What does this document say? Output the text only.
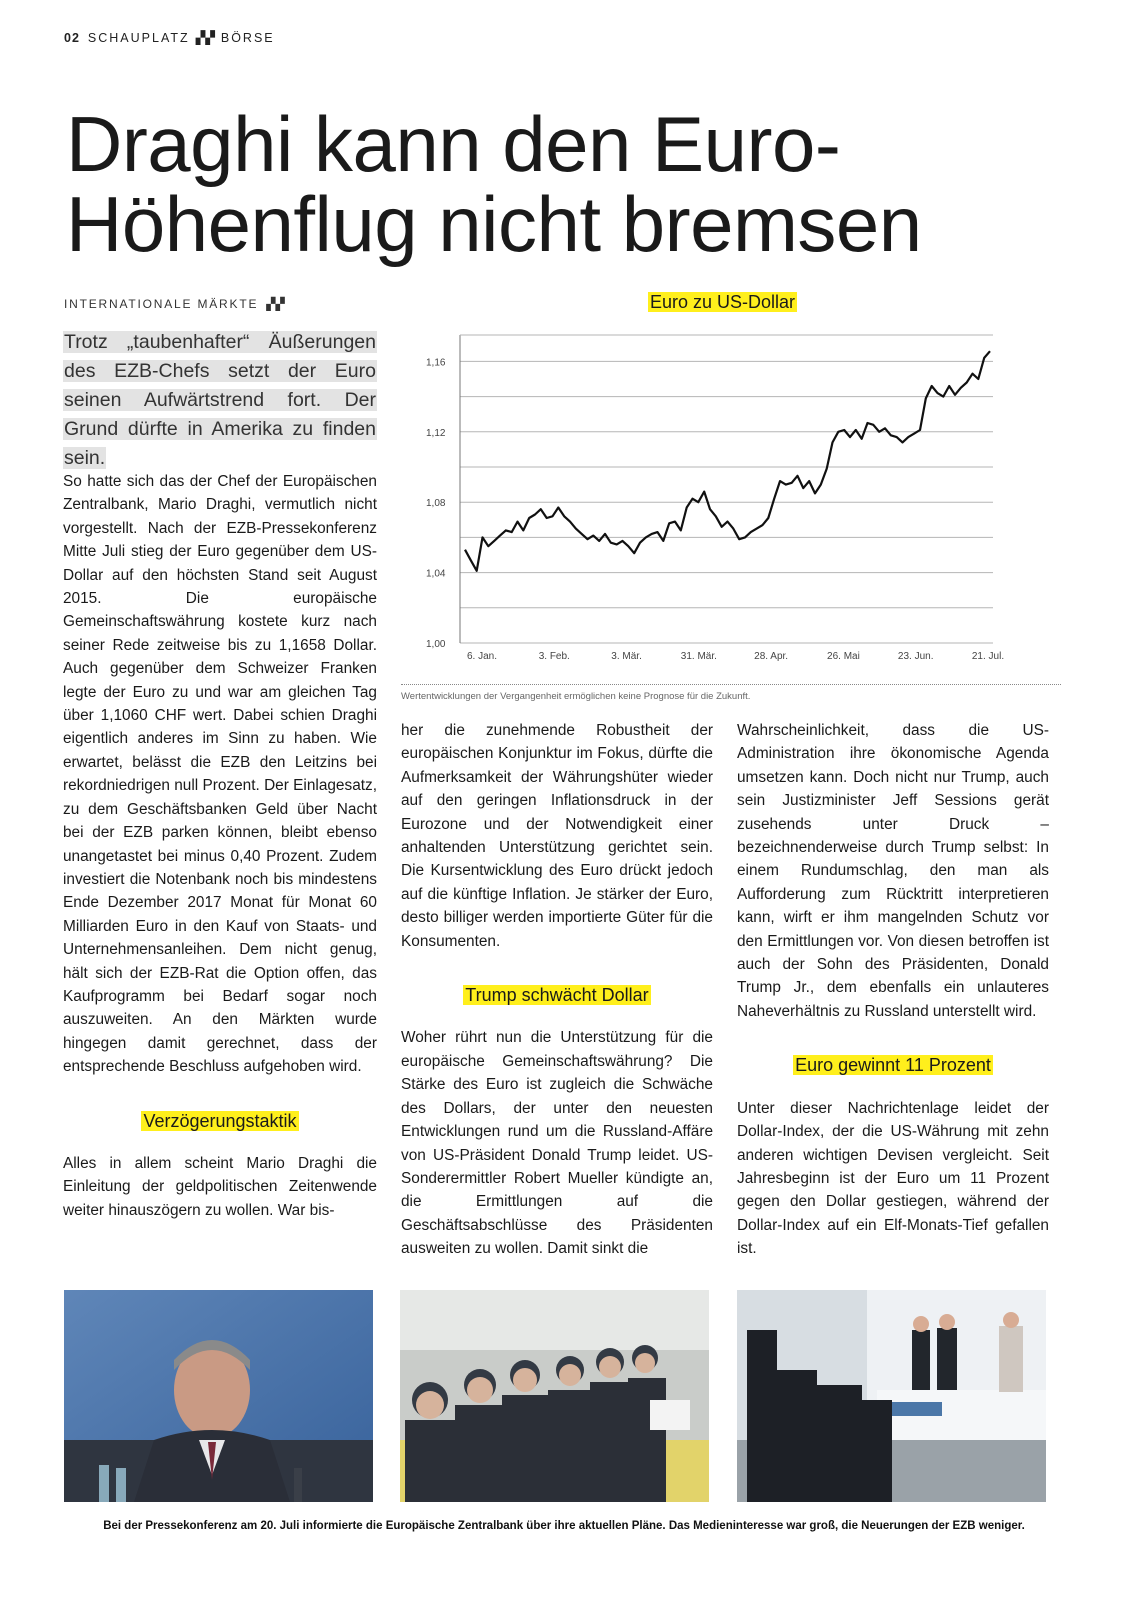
02 SCHAUPLATZ ▞▞ BÖRSE
Draghi kann den Euro-
Höhenflug nicht bremsen
INTERNATIONALE MÄRKTE ▞▞
Trotz „taubenhafter“ Äußerungen des EZB-Chefs setzt der Euro seinen Aufwärtstrend fort. Der Grund dürfte in Amerika zu finden sein.

So hatte sich das der Chef der Europäischen Zentralbank, Mario Draghi, vermutlich nicht vorgestellt. Nach der EZB-Pressekonferenz Mitte Juli stieg der Euro gegenüber dem US-Dollar auf den höchsten Stand seit August 2015. Die europäische Gemeinschaftswährung kostete kurz nach seiner Rede zeitweise bis zu 1,1658 Dollar. Auch gegenüber dem Schweizer Franken legte der Euro zu und war am gleichen Tag über 1,1060 CHF wert. Dabei schien Draghi eigentlich anderes im Sinn zu haben. Wie erwartet, belässt die EZB den Leitzins bei rekordniedrigen null Prozent. Der Einlagesatz, zu dem Geschäftsbanken Geld über Nacht bei der EZB parken können, bleibt ebenso unangetastet bei minus 0,40 Prozent. Zudem investiert die Notenbank noch bis mindestens Ende Dezember 2017 Monat für Monat 60 Milliarden Euro in den Kauf von Staats- und Unternehmensanleihen. Dem nicht genug, hält sich der EZB-Rat die Option offen, das Kaufprogramm bei Bedarf sogar noch auszuweiten. An den Märkten wurde hingegen damit gerechnet, dass der entsprechende Beschluss aufgehoben wird.

Verzögerungstaktik

Alles in allem scheint Mario Draghi die Einleitung der geldpolitischen Zeitenwende weiter hinauszögern zu wollen. War bis-

Euro zu US-Dollar
1,00
1,04
1,08
1,12
1,16
6. Jan.	3. Feb.	3. Mär.	31. Mär.	28. Apr.	26. Mai	23. Jun.	21. Jul.
Wertentwicklungen der Vergangenheit ermöglichen keine Prognose für die Zukunft.

her die zunehmende Robustheit der europäischen Konjunktur im Fokus, dürfte die Aufmerksamkeit der Währungshüter wieder auf den geringen Inflationsdruck in der Eurozone und der Notwendigkeit einer anhaltenden Unterstützung gerichtet sein. Die Kursentwicklung des Euro drückt jedoch auf die künftige Inflation. Je stärker der Euro, desto billiger werden importierte Güter für die Konsumenten.

Trump schwächt Dollar

Woher rührt nun die Unterstützung für die europäische Gemeinschaftswährung? Die Stärke des Euro ist zugleich die Schwäche des Dollars, der unter den neuesten Entwicklungen rund um die Russland-Affäre von US-Präsident Donald Trump leidet. US-Sonderermittler Robert Mueller kündigte an, die Ermittlungen auf die Geschäftsabschlüsse des Präsidenten ausweiten zu wollen. Damit sinkt die

Wahrscheinlichkeit, dass die US-Administration ihre ökonomische Agenda umsetzen kann. Doch nicht nur Trump, auch sein Justizminister Jeff Sessions gerät zusehends unter Druck – bezeichnenderweise durch Trump selbst: In einem Rundumschlag, den man als Aufforderung zum Rücktritt interpretieren kann, wirft er ihm mangelnden Schutz vor den Ermittlungen vor. Von diesen betroffen ist auch der Sohn des Präsidenten, Donald Trump Jr., dem ebenfalls ein unlauteres Naheverhältnis zu Russland unterstellt wird.

Euro gewinnt 11 Prozent

Unter dieser Nachrichtenlage leidet der Dollar-Index, der die US-Währung mit zehn anderen wichtigen Devisen vergleicht. Seit Jahresbeginn ist der Euro um 11 Prozent gegen den Dollar gestiegen, während der Dollar-Index auf ein Elf-Monats-Tief gefallen ist.

Bei der Pressekonferenz am 20. Juli informierte die Europäische Zentralbank über ihre aktuellen Pläne. Das Medieninteresse war groß, die Neuerungen der EZB weniger.
